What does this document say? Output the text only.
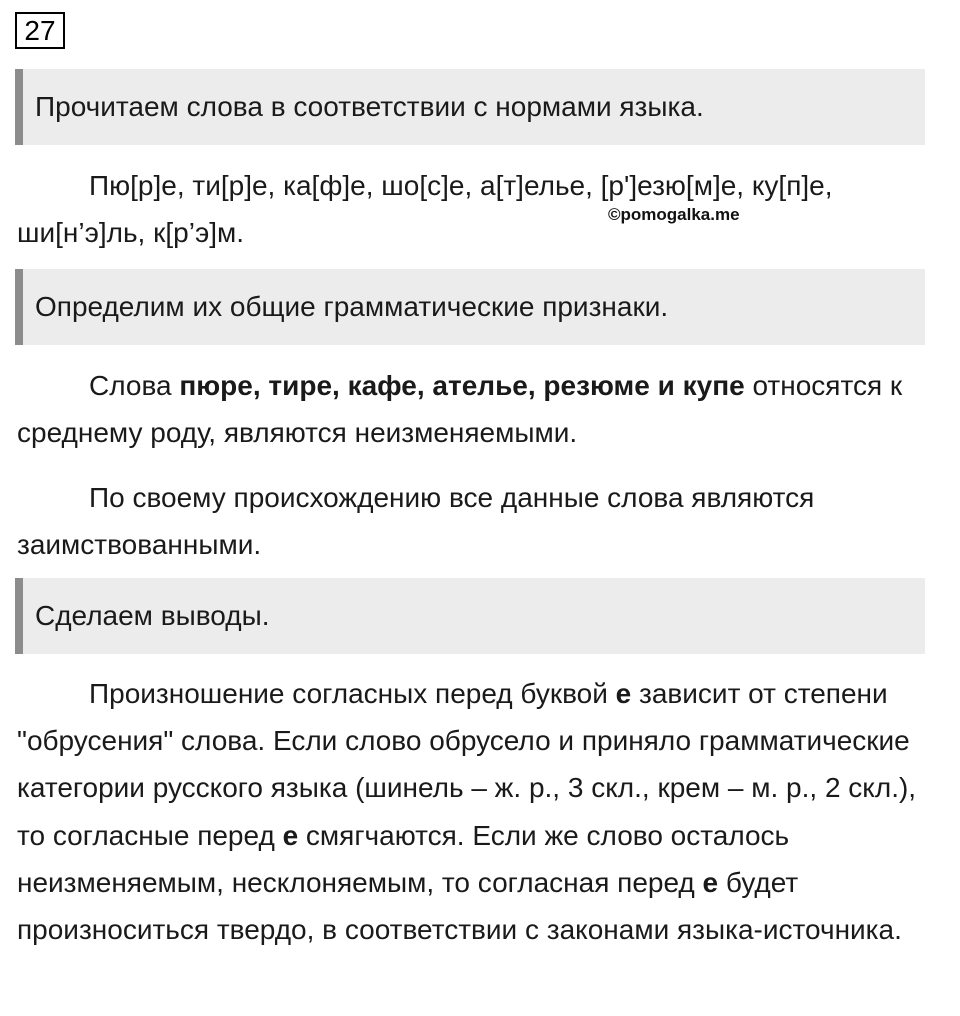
27
Прочитаем слова в соответствии с нормами языка.

Пю[р]е, ти[р]е, ка[ф]е, шо[с]е, а[т]елье, [р']езю[м]е, ку[п]е, ши[н’э]ль, к[р’э]м.

©pomogalka.me
Определим их общие грамматические признаки.

Слова пюре, тире, кафе, ателье, резюме и купе относятся к среднему роду, являются неизменяемыми.

По своему происхождению все данные слова являются заимствованными.

Сделаем выводы.

Произношение согласных перед буквой е зависит от степени "обрусения" слова. Если слово обрусело и приняло грамматические категории русского языка (шинель – ж. р., 3 скл., крем – м. р., 2 скл.), то согласные перед е смягчаются. Если же слово осталось неизменяемым, несклоняемым, то согласная перед е будет произноситься твердо, в соответствии с законами языка-источника.
